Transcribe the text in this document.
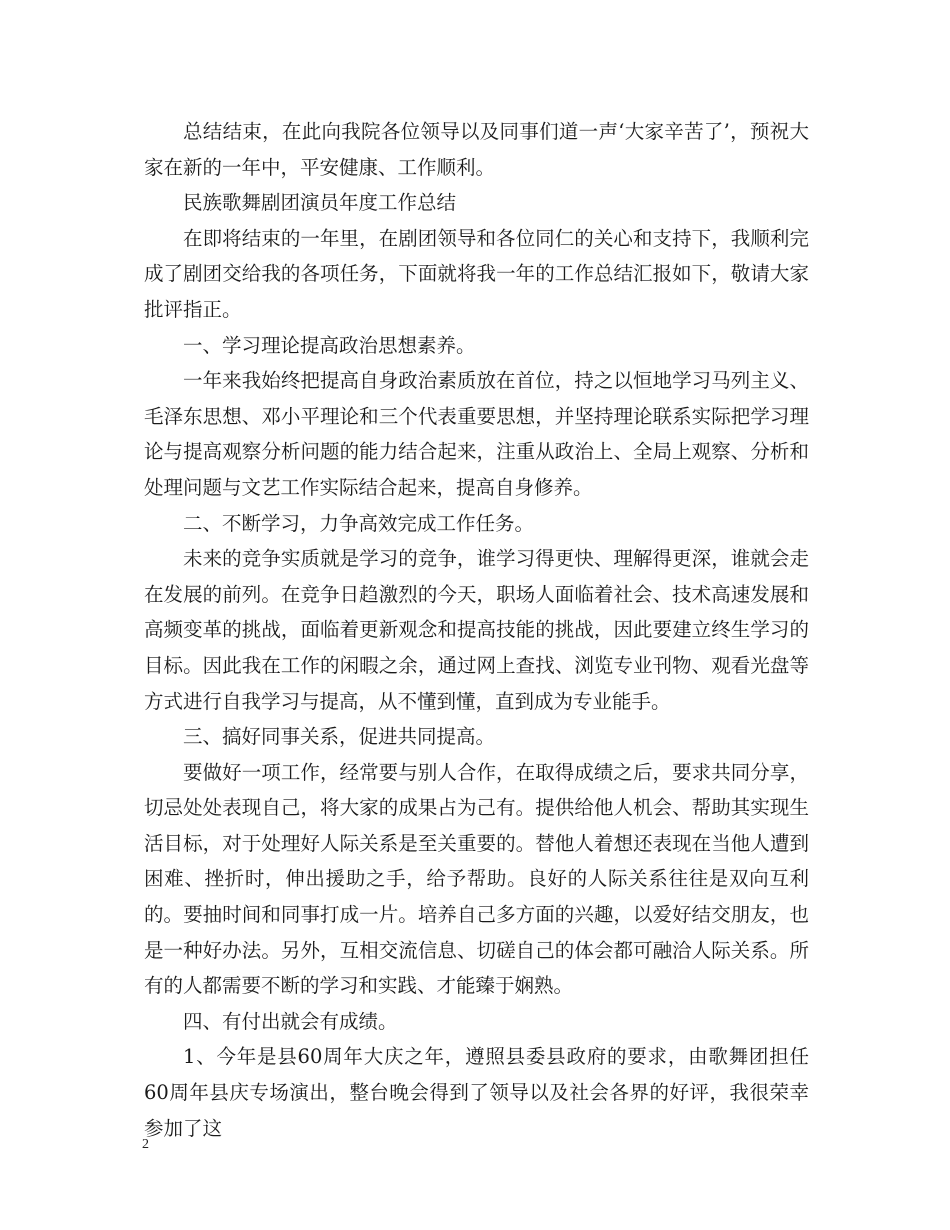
总结结束，在此向我院各位领导以及同事们道一声‘大家辛苦了’，预祝大家在新的一年中，平安健康、工作顺利。

民族歌舞剧团演员年度工作总结

在即将结束的一年里，在剧团领导和各位同仁的关心和支持下，我顺利完成了剧团交给我的各项任务，下面就将我一年的工作总结汇报如下，敬请大家批评指正。

一、学习理论提高政治思想素养。

一年来我始终把提高自身政治素质放在首位，持之以恒地学习马列主义、毛泽东思想、邓小平理论和三个代表重要思想，并坚持理论联系实际把学习理论与提高观察分析问题的能力结合起来，注重从政治上、全局上观察、分析和处理问题与文艺工作实际结合起来，提高自身修养。

二、不断学习，力争高效完成工作任务。

未来的竞争实质就是学习的竞争，谁学习得更快、理解得更深，谁就会走在发展的前列。在竞争日趋激烈的今天，职场人面临着社会、技术高速发展和高频变革的挑战，面临着更新观念和提高技能的挑战，因此要建立终生学习的目标。因此我在工作的闲暇之余，通过网上查找、浏览专业刊物、观看光盘等方式进行自我学习与提高，从不懂到懂，直到成为专业能手。

三、搞好同事关系，促进共同提高。

要做好一项工作，经常要与别人合作，在取得成绩之后，要求共同分享，切忌处处表现自己，将大家的成果占为己有。提供给他人机会、帮助其实现生活目标，对于处理好人际关系是至关重要的。替他人着想还表现在当他人遭到困难、挫折时，伸出援助之手，给予帮助。良好的人际关系往往是双向互利的。要抽时间和同事打成一片。培养自己多方面的兴趣，以爱好结交朋友，也是一种好办法。另外，互相交流信息、切磋自己的体会都可融洽人际关系。所有的人都需要不断的学习和实践、才能臻于娴熟。

四、有付出就会有成绩。

1、今年是县60周年大庆之年，遵照县委县政府的要求，由歌舞团担任60周年县庆专场演出，整台晚会得到了领导以及社会各界的好评，我很荣幸参加了这

2
